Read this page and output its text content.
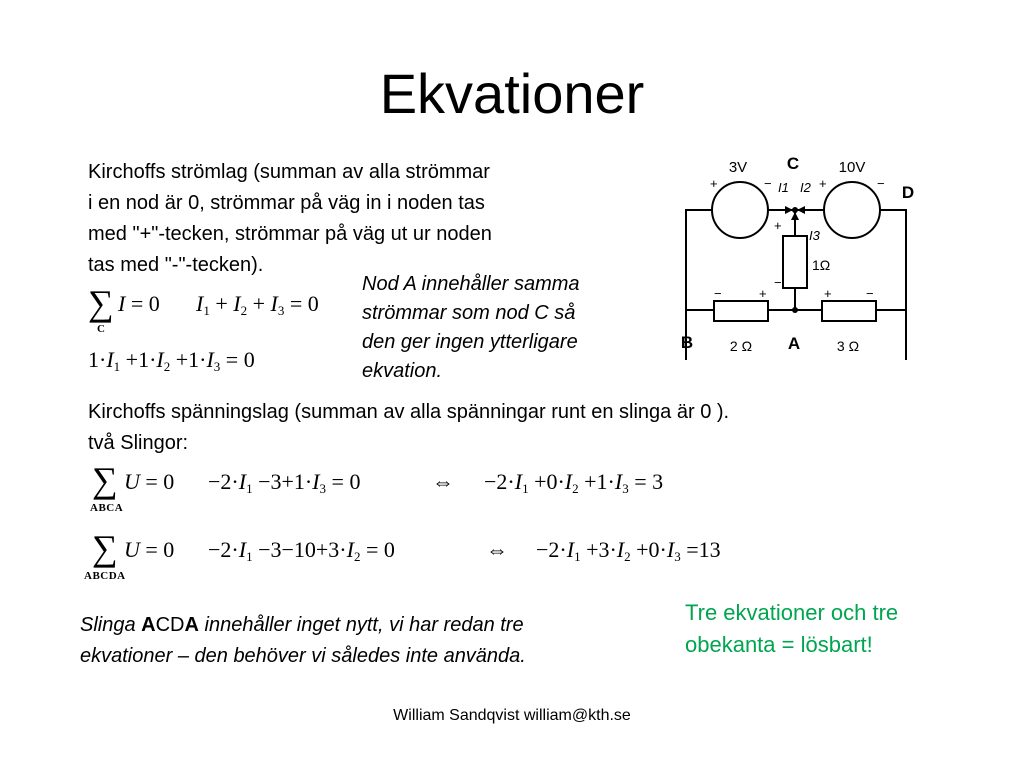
Ekvationer
Kirchoffs strömlag (summan av alla strömmar
i en nod är 0, strömmar på väg in i noden tas
med "+"-tecken, strömmar på väg ut ur noden
tas med "-"-tecken).
∑
C
I = 0 $I_1 + I_2 + I_3 = 0$
$1\cdot I_1 +1\cdot I_2 +1\cdot I_3 = 0$
Nod A innehåller samma
strömmar som nod C så
den ger ingen ytterligare
ekvation.
3V	10V
C
D
B	A
1Ω
2 Ω	3 Ω
I1 I2
I3
+	−	+	−
+
−
−	+	+	−
Kirchoffs spänningslag (summan av alla spänningar runt en slinga är 0 ).
två Slingor:
∑
ABCA
$U = 0 -2\cdot I_1 -3+1\cdot I_3 = 0$	⇔ $-2\cdot I_1 +0\cdot I_2 +1\cdot I_3 = 3$
∑
ABCDA
$U = 0 -2\cdot I_1 -3-10+3\cdot I_2 = 0$	⇔ $-2\cdot I_1 +3\cdot I_2 +0\cdot I_3 =13$
Slinga ACDA innehåller inget nytt, vi har redan tre
ekvationer – den behöver vi således inte använda.
Tre ekvationer och tre
obekanta = lösbart!
William Sandqvist william@kth.se
